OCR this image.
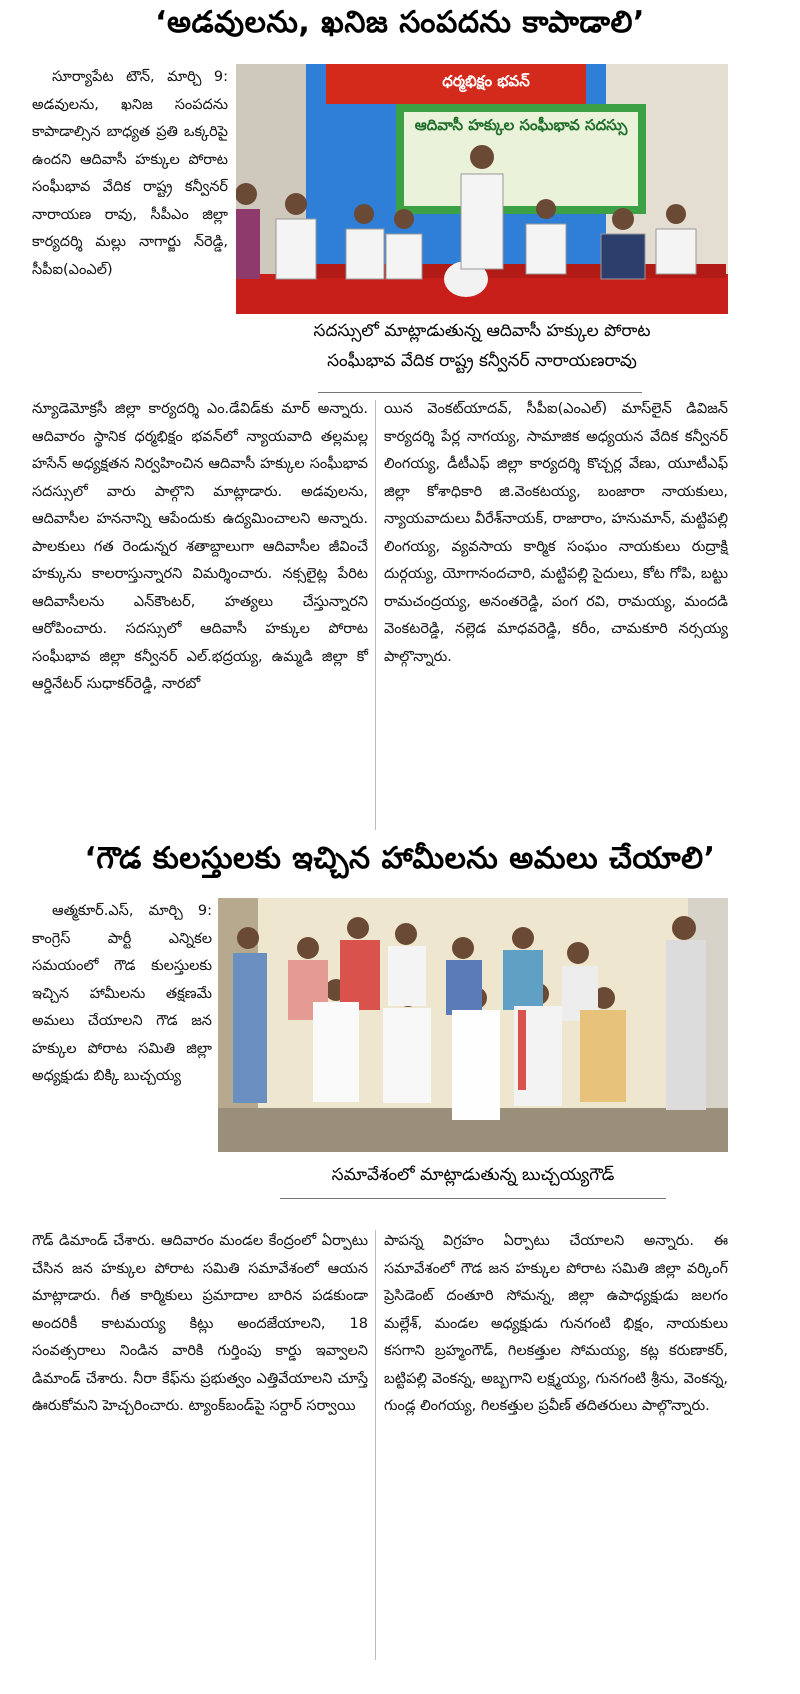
‘అడవులను, ఖనిజ సంపదను కాపాడాలి’

సూర్యాపేట టౌన్, మార్చి 9: అడవులను, ఖనిజ సంపదను కాపాడాల్సిన బాధ్యత ప్రతి ఒక్కరిపై ఉందని ఆదివాసీ హక్కుల పోరాట సంఘీభావ వేదిక రాష్ట్ర కన్వీనర్ నారాయణ రావు, సీపీఎం జిల్లా కార్యదర్శి మల్లు నాగార్జు న్‌రెడ్డి, సీపీఐ(ఎంఎల్)

ధర్మభిక్షం భవన్
ఆదివాసీ హక్కుల సంఘీభావ సదస్సు
సదస్సులో మాట్లాడుతున్న ఆదివాసీ హక్కుల పోరాట
సంఘీభావ వేదిక రాష్ట్ర కన్వీనర్ నారాయణరావు

న్యూడెమోక్రసీ జిల్లా కార్యదర్శి ఎం.డేవిడ్‌కు మార్ అన్నారు. ఆదివారం స్థానిక ధర్మభిక్షం భవన్‌లో న్యాయవాది తల్లమల్ల హసేన్ అధ్యక్షతన నిర్వహించిన ఆదివాసీ హక్కుల సంఘీభావ సదస్సులో వారు పాల్గొని మాట్లాడారు. అడవులను, ఆదివాసీల హననాన్ని ఆపేందుకు ఉద్యమించాలని అన్నారు. పాలకులు గత రెండున్నర శతాబ్దాలుగా ఆదివాసీల జీవించే హక్కును కాలరాస్తున్నారని విమర్శించారు. నక్సలైట్ల పేరిట ఆదివాసీలను ఎన్‌కౌంటర్, హత్యలు చేస్తున్నారని ఆరోపించారు. సదస్సులో ఆదివాసీ హక్కుల పోరాట సంఘీభావ జిల్లా కన్వీనర్ ఎల్.భద్రయ్య, ఉమ్మడి జిల్లా కో ఆర్డినేటర్ సుధాకర్‌రెడ్డి, నారబో

యిన వెంకట్‌యాదవ్, సీపీఐ(ఎంఎల్) మాస్‌లైన్ డివిజన్ కార్యదర్శి పేర్ల నాగయ్య, సామాజిక అధ్యయన వేదిక కన్వీనర్ లింగయ్య, డీటీఎఫ్ జిల్లా కార్యదర్శి కొచ్చర్ల వేణు, యూటీఎఫ్ జిల్లా కోశాధికారి జి.వెంకటయ్య, బంజారా నాయకులు, న్యాయవాదులు వీరేశ్‌నాయక్, రాజారాం, హనుమాన్, మట్టిపల్లి లింగయ్య, వ్యవసాయ కార్మిక సంఘం నాయకులు రుద్రాక్షి దుర్గయ్య, యోగానందచారి, మట్టిపల్లి సైదులు, కోట గోపి, బట్టు రామచంద్రయ్య, అనంతరెడ్డి, పంగ రవి, రామయ్య, మందడి వెంకటరెడ్డి, నల్లెడ మాధవరెడ్డి, కరీం, చామకూరి నర్సయ్య పాల్గొన్నారు.

‘గౌడ కులస్తులకు ఇచ్చిన హామీలను అమలు చేయాలి’

ఆత్మకూర్.ఎస్, మార్చి 9: కాంగ్రెస్ పార్టీ ఎన్నికల సమయంలో గౌడ కులస్తులకు ఇచ్చిన హామీలను తక్షణమే అమలు చేయాలని గౌడ జన హక్కుల పోరాట సమితి జిల్లా అధ్యక్షుడు బిక్కి బుచ్చయ్య

సమావేశంలో మాట్లాడుతున్న బుచ్చయ్యగౌడ్

గౌడ్ డిమాండ్ చేశారు. ఆదివారం మండల కేంద్రంలో ఏర్పాటు చేసిన జన హక్కుల పోరాట సమితి సమావేశంలో ఆయన మాట్లాడారు. గీత కార్మికులు ప్రమాదాల బారిన పడకుండా అందరికీ కాటమయ్య కిట్లు అందజేయాలని, 18 సంవత్సరాలు నిండిన వారికి గుర్తింపు కార్డు ఇవ్వాలని డిమాండ్ చేశారు. నీరా కేఫ్‌ను ప్రభుత్వం ఎత్తివేయాలని చూస్తే ఊరుకోమని హెచ్చరించారు. ట్యాంక్‌బండ్‌పై సర్దార్ సర్వాయి

పాపన్న విగ్రహం ఏర్పాటు చేయాలని అన్నారు. ఈ సమావేశంలో గౌడ జన హక్కుల పోరాట సమితి జిల్లా వర్కింగ్ ప్రెసిడెంట్ దంతూరి సోమన్న, జిల్లా ఉపాధ్యక్షుడు జలగం మల్లేశ్, మండల అధ్యక్షుడు గునగంటి భిక్షం, నాయకులు కసగాని బ్రహ్మంగౌడ్, గిలకత్తుల సోమయ్య, కట్ల కరుణాకర్, బట్టిపల్లి వెంకన్న, అబ్బగాని లక్ష్మయ్య, గునగంటి శ్రీను, వెంకన్న, గుండ్ల లింగయ్య, గిలకత్తుల ప్రవీణ్ తదితరులు పాల్గొన్నారు.
